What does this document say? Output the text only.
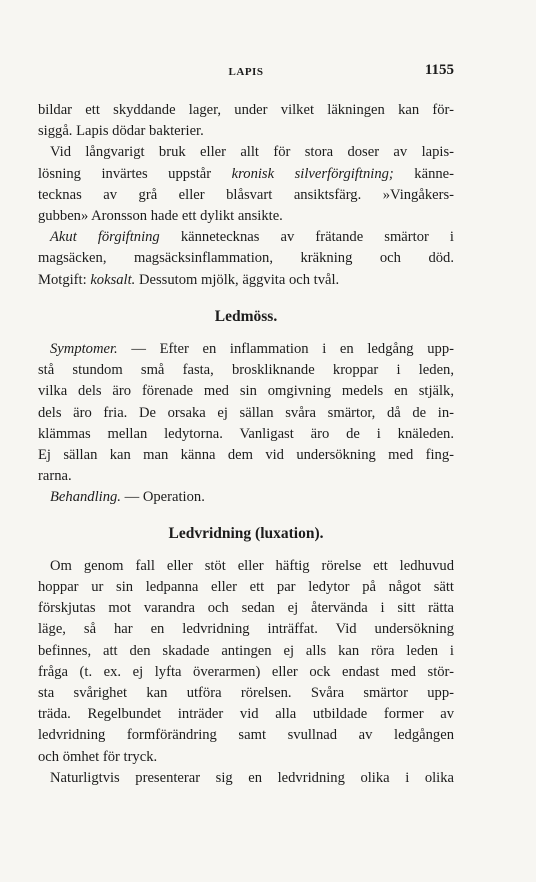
LAPIS	1155
bildar ett skyddande lager, under vilket läkningen kan för-
siggå. Lapis dödar bakterier.
Vid långvarigt bruk eller allt för stora doser av lapis-
lösning invärtes uppstår kronisk silverförgiftning; känne-
tecknas av grå eller blåsvart ansiktsfärg. »Vingåkers-
gubben» Aronsson hade ett dylikt ansikte.
Akut förgiftning kännetecknas av frätande smärtor i
magsäcken, magsäcksinflammation, kräkning och död.
Motgift: koksalt. Dessutom mjölk, äggvita och tvål.
Ledmöss.
Symptomer. — Efter en inflammation i en ledgång upp-
stå stundom små fasta, broskliknande kroppar i leden,
vilka dels äro förenade med sin omgivning medels en stjälk,
dels äro fria. De orsaka ej sällan svåra smärtor, då de in-
klämmas mellan ledytorna. Vanligast äro de i knäleden.
Ej sällan kan man känna dem vid undersökning med fing-
rarna.
Behandling. — Operation.
Ledvridning (luxation).
Om genom fall eller stöt eller häftig rörelse ett ledhuvud
hoppar ur sin ledpanna eller ett par ledytor på något sätt
förskjutas mot varandra och sedan ej återvända i sitt rätta
läge, så har en ledvridning inträffat. Vid undersökning
befinnes, att den skadade antingen ej alls kan röra leden i
fråga (t. ex. ej lyfta överarmen) eller ock endast med stör-
sta svårighet kan utföra rörelsen. Svåra smärtor upp-
träda. Regelbundet inträder vid alla utbildade former av
ledvridning formförändring samt svullnad av ledgången
och ömhet för tryck.
Naturligtvis presenterar sig en ledvridning olika i olika
